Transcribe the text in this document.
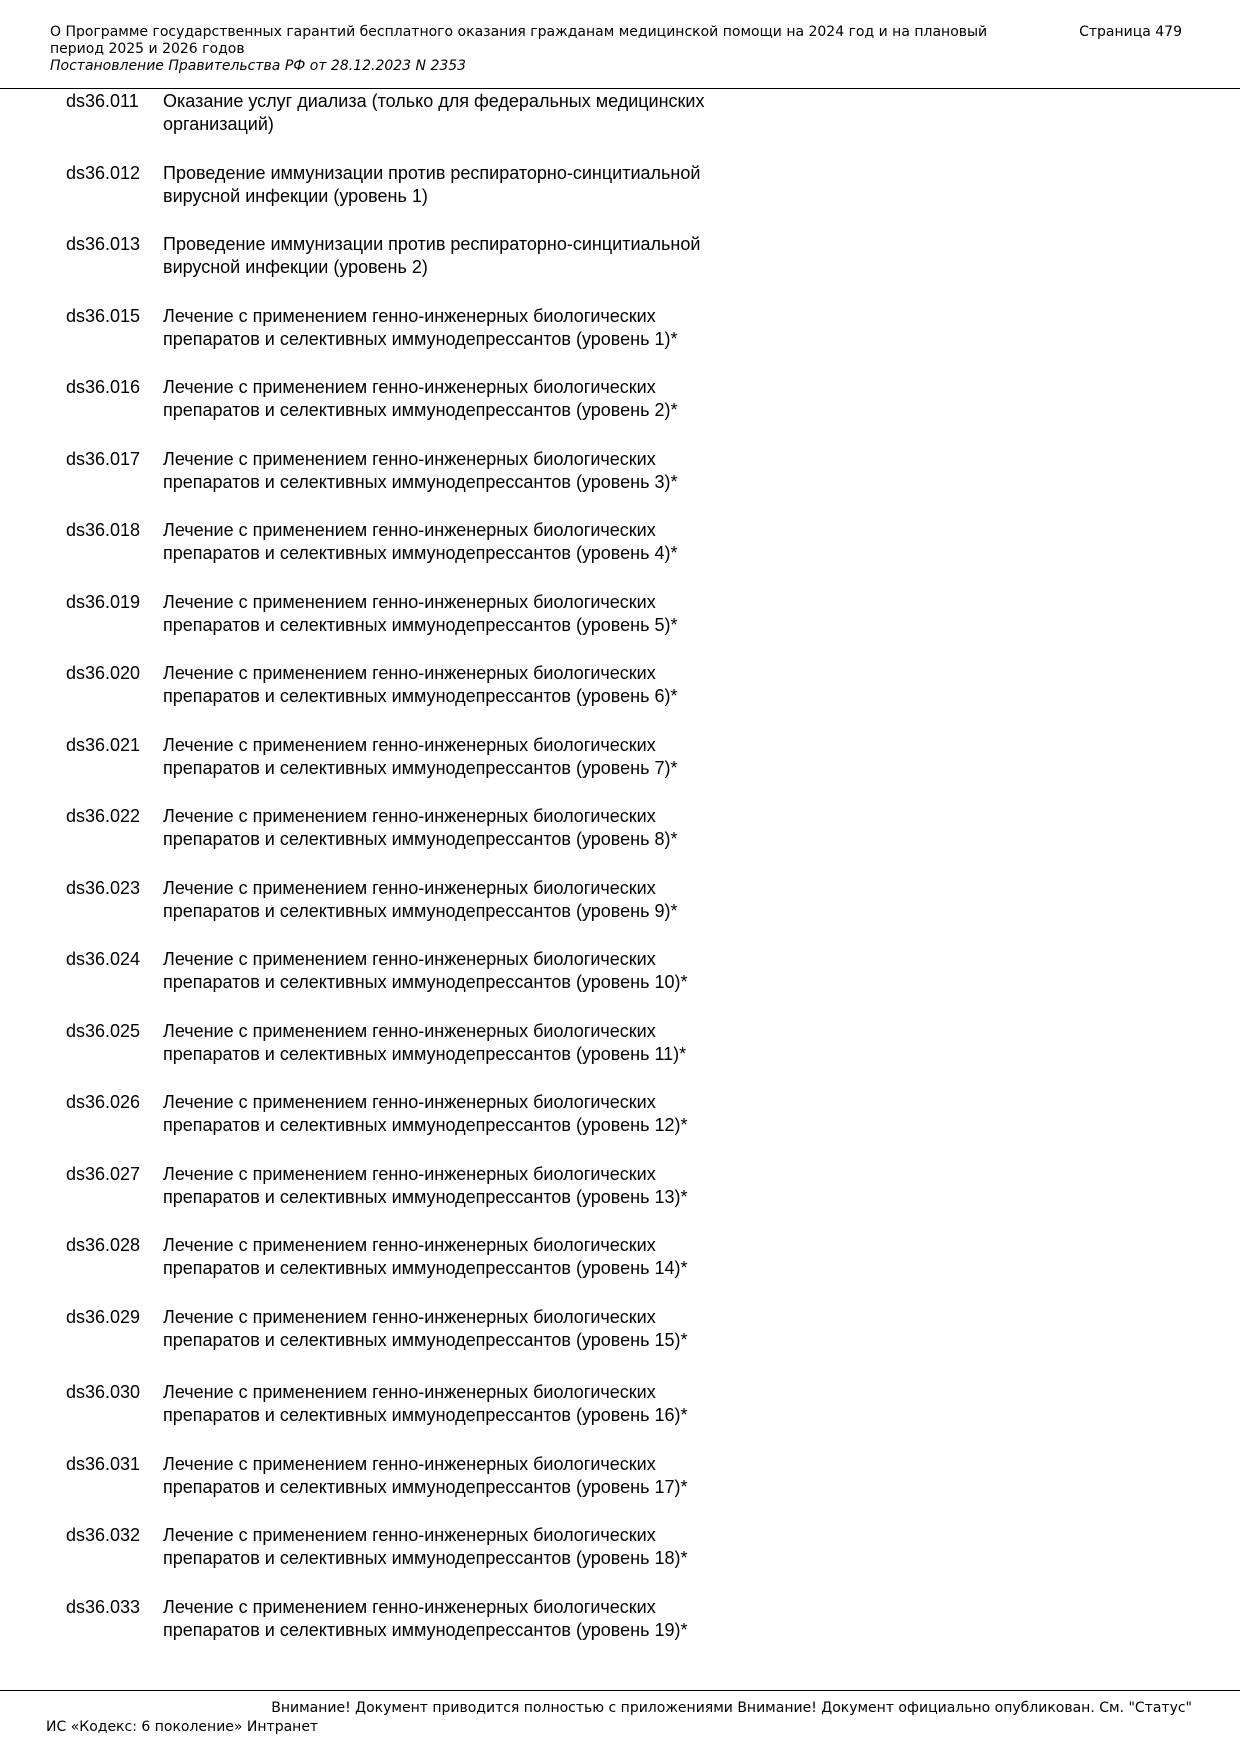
О Программе государственных гарантий бесплатного оказания гражданам медицинской помощи на 2024 год и на плановый период 2025 и 2026 годов
Постановление Правительства РФ от 28.12.2023 N 2353
Страница 479
ds36.011	Оказание услуг диализа (только для федеральных медицинских организаций)
ds36.012	Проведение иммунизации против респираторно-синцитиальной вирусной инфекции (уровень 1)
ds36.013	Проведение иммунизации против респираторно-синцитиальной вирусной инфекции (уровень 2)
ds36.015	Лечение с применением генно-инженерных биологических препаратов и селективных иммунодепрессантов (уровень 1)*
ds36.016	Лечение с применением генно-инженерных биологических препаратов и селективных иммунодепрессантов (уровень 2)*
ds36.017	Лечение с применением генно-инженерных биологических препаратов и селективных иммунодепрессантов (уровень 3)*
ds36.018	Лечение с применением генно-инженерных биологических препаратов и селективных иммунодепрессантов (уровень 4)*
ds36.019	Лечение с применением генно-инженерных биологических препаратов и селективных иммунодепрессантов (уровень 5)*
ds36.020	Лечение с применением генно-инженерных биологических препаратов и селективных иммунодепрессантов (уровень 6)*
ds36.021	Лечение с применением генно-инженерных биологических препаратов и селективных иммунодепрессантов (уровень 7)*
ds36.022	Лечение с применением генно-инженерных биологических препаратов и селективных иммунодепрессантов (уровень 8)*
ds36.023	Лечение с применением генно-инженерных биологических препаратов и селективных иммунодепрессантов (уровень 9)*
ds36.024	Лечение с применением генно-инженерных биологических препаратов и селективных иммунодепрессантов (уровень 10)*
ds36.025	Лечение с применением генно-инженерных биологических препаратов и селективных иммунодепрессантов (уровень 11)*
ds36.026	Лечение с применением генно-инженерных биологических препаратов и селективных иммунодепрессантов (уровень 12)*
ds36.027	Лечение с применением генно-инженерных биологических препаратов и селективных иммунодепрессантов (уровень 13)*
ds36.028	Лечение с применением генно-инженерных биологических препаратов и селективных иммунодепрессантов (уровень 14)*
ds36.029	Лечение с применением генно-инженерных биологических препаратов и селективных иммунодепрессантов (уровень 15)*
ds36.030	Лечение с применением генно-инженерных биологических препаратов и селективных иммунодепрессантов (уровень 16)*
ds36.031	Лечение с применением генно-инженерных биологических препаратов и селективных иммунодепрессантов (уровень 17)*
ds36.032	Лечение с применением генно-инженерных биологических препаратов и селективных иммунодепрессантов (уровень 18)*
ds36.033	Лечение с применением генно-инженерных биологических препаратов и селективных иммунодепрессантов (уровень 19)*
Внимание! Документ приводится полностью с приложениями Внимание! Документ официально опубликован. См. "Статус"
ИС «Кодекс: 6 поколение» Интранет
